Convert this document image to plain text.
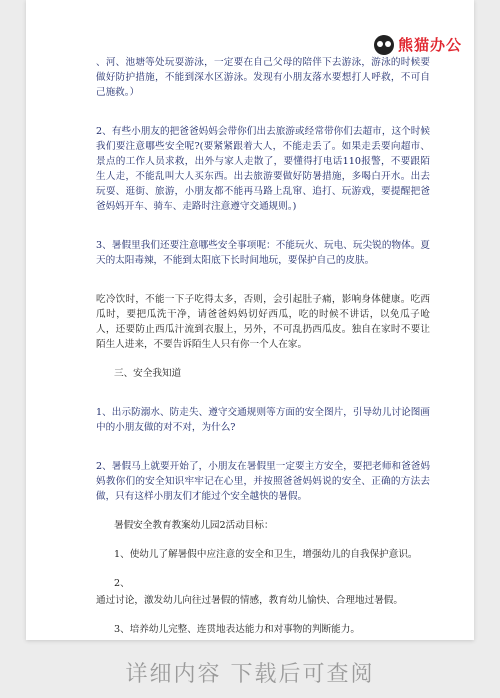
熊猫办公

、河、池塘等处玩耍游泳，一定要在自己父母的陪伴下去游泳，游泳的时候要做好防护措施，不能到深水区游泳。发现有小朋友落水要想打人呼救，不可自己施救。）

2、有些小朋友的把爸爸妈妈会带你们出去旅游或经常带你们去超市，这个时候我们要注意哪些安全呢?(要紧紧跟着大人，不能走丢了。如果走丢要向超市、景点的工作人员求救，出外与家人走散了，要懂得打电话110报警，不要跟陌生人走，不能乱叫大人买东西。出去旅游要做好防暑措施，多喝白开水。出去玩耍、逛街、旅游，小朋友都不能再马路上乱窜、追打、玩游戏，要提醒把爸爸妈妈开车、骑车、走路时注意遵守交通规则。)

3、暑假里我们还要注意哪些安全事项呢：不能玩火、玩电、玩尖锐的物体。夏天的太阳毒辣，不能到太阳底下长时间地玩，要保护自己的皮肤。

吃冷饮时，不能一下子吃得太多，否则，会引起肚子痛，影响身体健康。吃西瓜时，要把瓜洗干净，请爸爸妈妈切好西瓜，吃的时候不讲话，以免瓜子呛人，还要防止西瓜汁流到衣服上，另外，不可乱扔西瓜皮。独自在家时不要让陌生人进来，不要告诉陌生人只有你一个人在家。

三、安全我知道

1、出示防溺水、防走失、遵守交通规则等方面的安全图片，引导幼儿讨论图画中的小朋友做的对不对，为什么?

2、暑假马上就要开始了，小朋友在暑假里一定要主方安全，要把老师和爸爸妈妈教你们的安全知识牢牢记在心里，并按照爸爸妈妈说的安全、正确的方法去做，只有这样小朋友们才能过个安全越快的暑假。

暑假安全教育教案幼儿园2活动目标：

1、使幼儿了解暑假中应注意的安全和卫生，增强幼儿的自我保护意识。

2、

通过讨论，激发幼儿向往过暑假的情感，教育幼儿愉快、合理地过暑假。

3、培养幼儿完整、连贯地表达能力和对事物的判断能力。

详细内容 下载后可查阅
